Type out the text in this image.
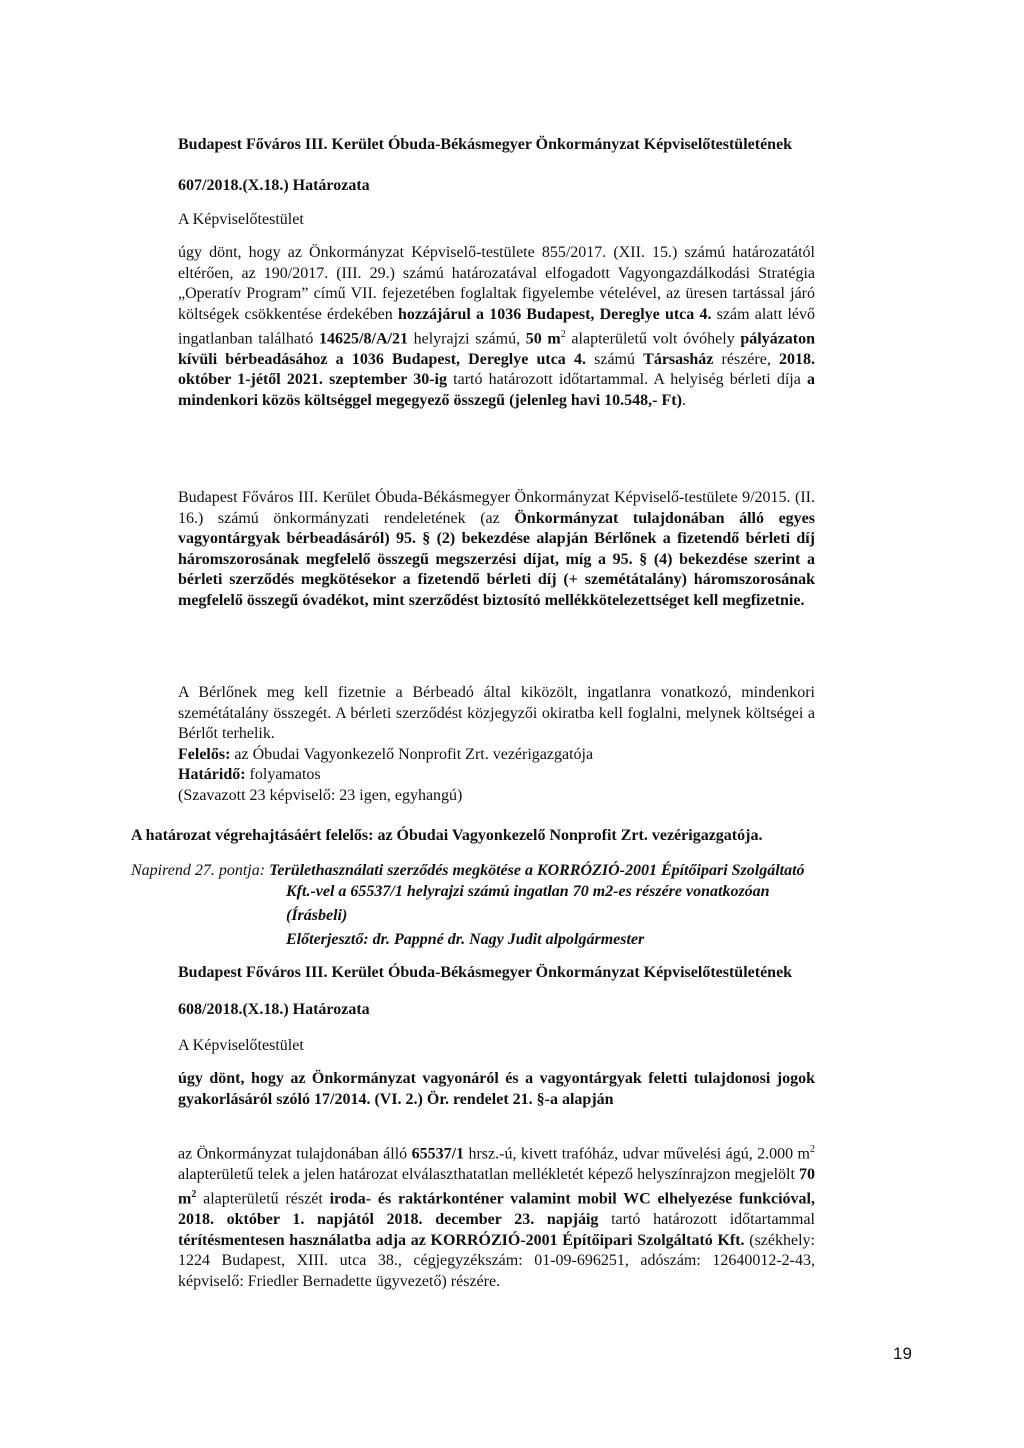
Budapest Főváros III. Kerület Óbuda-Békásmegyer Önkormányzat Képviselőtestületének
607/2018.(X.18.) Határozata
A Képviselőtestület
úgy dönt, hogy az Önkormányzat Képviselő-testülete 855/2017. (XII. 15.) számú határozatától eltérően, az 190/2017. (III. 29.) számú határozatával elfogadott Vagyongazdálkodási Stratégia „Operatív Program” című VII. fejezetében foglaltak figyelembe vételével, az üresen tartással járó költségek csökkentése érdekében hozzájárul a 1036 Budapest, Dereglye utca 4. szám alatt lévő ingatlanban található 14625/8/A/21 helyrajzi számú, 50 $m^2$ alapterületű volt óvóhely pályázaton kívüli bérbeadásához a 1036 Budapest, Dereglye utca 4. számú Társasház részére, 2018. október 1-jétől 2021. szeptember 30-ig tartó határozott időtartammal. A helyiség bérleti díja a mindenkori közös költséggel megegyező összegű (jelenleg havi 10.548,- Ft).
Budapest Főváros III. Kerület Óbuda-Békásmegyer Önkormányzat Képviselő-testülete 9/2015. (II. 16.) számú önkormányzati rendeletének (az Önkormányzat tulajdonában álló egyes vagyontárgyak bérbeadásáról) 95. § (2) bekezdése alapján Bérlőnek a fizetendő bérleti díj háromszorosának megfelelő összegű megszerzési díjat, míg a 95. § (4) bekezdése szerint a bérleti szerződés megkötésekor a fizetendő bérleti díj (+ szemétátalány) háromszorosának megfelelő összegű óvadékot, mint szerződést biztosító mellékkötelezettséget kell megfizetnie.
A Bérlőnek meg kell fizetnie a Bérbeadó által kiközölt, ingatlanra vonatkozó, mindenkori szemétátalány összegét. A bérleti szerződést közjegyzői okiratba kell foglalni, melynek költségei a Bérlőt terhelik.
Felelős: az Óbudai Vagyonkezelő Nonprofit Zrt. vezérigazgatója
Határidő: folyamatos
(Szavazott 23 képviselő: 23 igen, egyhangú)
A határozat végrehajtásáért felelős: az Óbudai Vagyonkezelő Nonprofit Zrt. vezérigazgatója.
Napirend 27. pontja: Területhasználati szerződés megkötése a KORRÓZIÓ-2001 Építőipari Szolgáltató
Kft.-vel a 65537/1 helyrajzi számú ingatlan 70 m2-es részére vonatkozóan
(Írásbeli)
Előterjesztő: dr. Pappné dr. Nagy Judit alpolgármester
Budapest Főváros III. Kerület Óbuda-Békásmegyer Önkormányzat Képviselőtestületének
608/2018.(X.18.) Határozata
A Képviselőtestület
úgy dönt, hogy az Önkormányzat vagyonáról és a vagyontárgyak feletti tulajdonosi jogok gyakorlásáról szóló 17/2014. (VI. 2.) Ör. rendelet 21. §-a alapján
az Önkormányzat tulajdonában álló 65537/1 hrsz.-ú, kivett trafóház, udvar művelési ágú, 2.000 $m^2$ alapterületű telek a jelen határozat elválaszthatatlan mellékletét képező helyszínrajzon megjelölt 70 $m^2$ alapterületű részét iroda- és raktárkonténer valamint mobil WC elhelyezése funkcióval, 2018. október 1. napjától 2018. december 23. napjáig tartó határozott időtartammal térítésmentesen használatba adja az KORRÓZIÓ-2001 Építőipari Szolgáltató Kft. (székhely: 1224 Budapest, XIII. utca 38., cégjegyzékszám: 01-09-696251, adószám: 12640012-2-43, képviselő: Friedler Bernadette ügyvezető) részére.
19
